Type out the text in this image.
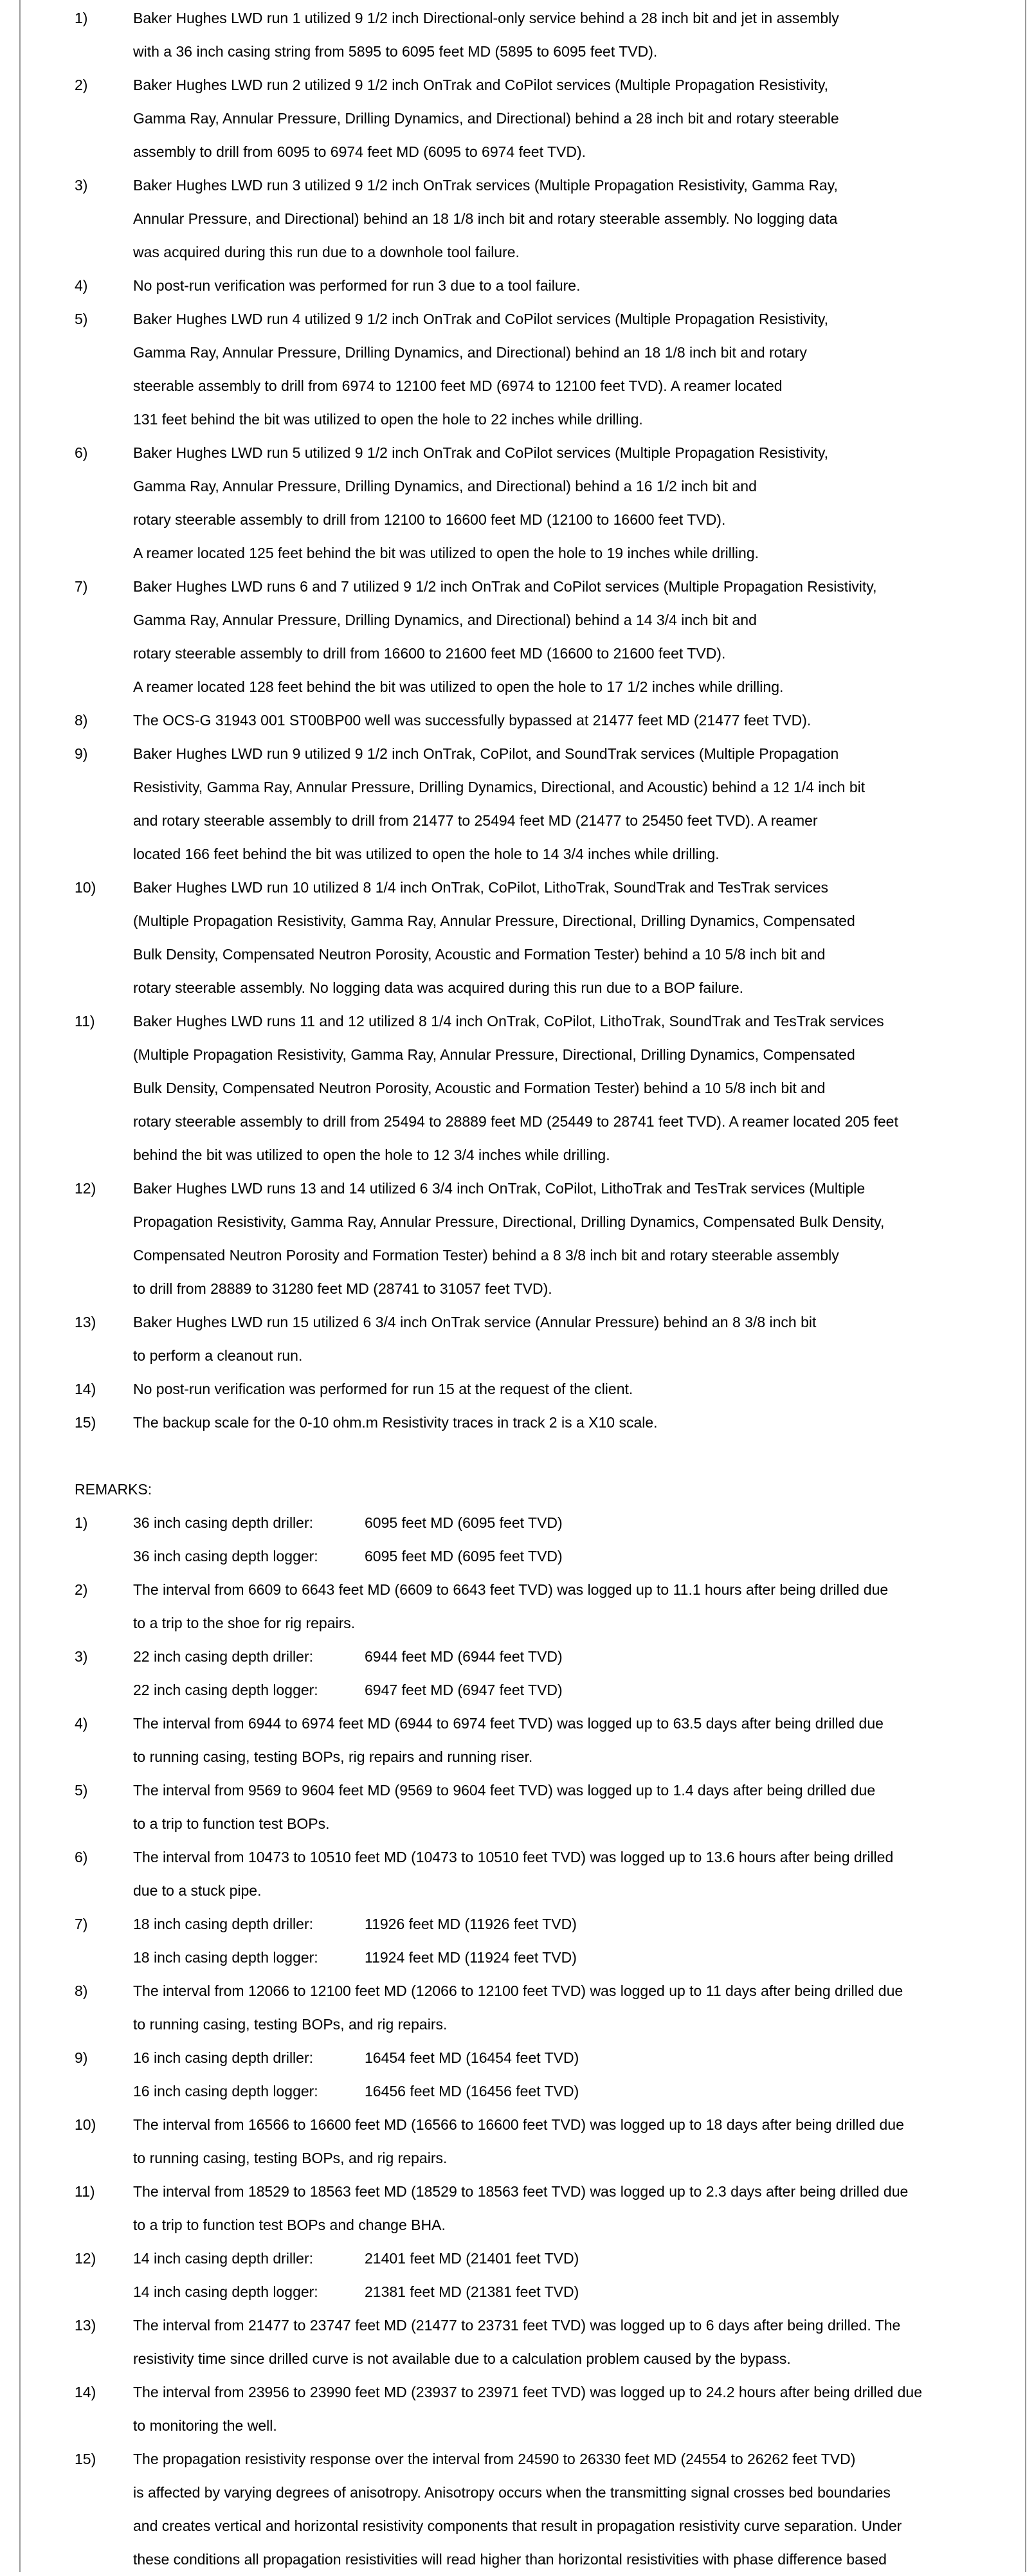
1)	Baker Hughes LWD run 1 utilized 9 1/2 inch Directional-only service behind a 28 inch bit and jet in assembly
with a 36 inch casing string from 5895 to 6095 feet MD (5895 to 6095 feet TVD).
2)	Baker Hughes LWD run 2 utilized 9 1/2 inch OnTrak and CoPilot services (Multiple Propagation Resistivity,
Gamma Ray, Annular Pressure, Drilling Dynamics, and Directional) behind a 28 inch bit and rotary steerable
assembly to drill from 6095 to 6974 feet MD (6095 to 6974 feet TVD).
3)	Baker Hughes LWD run 3 utilized 9 1/2 inch OnTrak services (Multiple Propagation Resistivity, Gamma Ray,
Annular Pressure, and Directional) behind an 18 1/8 inch bit and rotary steerable assembly. No logging data
was acquired during this run due to a downhole tool failure.
4)	No post-run verification was performed for run 3 due to a tool failure.
5)	Baker Hughes LWD run 4 utilized 9 1/2 inch OnTrak and CoPilot services (Multiple Propagation Resistivity,
Gamma Ray, Annular Pressure, Drilling Dynamics, and Directional) behind an 18 1/8 inch bit and rotary
steerable assembly to drill from 6974 to 12100 feet MD (6974 to 12100 feet TVD). A reamer located
131 feet behind the bit was utilized to open the hole to 22 inches while drilling.
6)	Baker Hughes LWD run 5 utilized 9 1/2 inch OnTrak and CoPilot services (Multiple Propagation Resistivity,
Gamma Ray, Annular Pressure, Drilling Dynamics, and Directional) behind a 16 1/2 inch bit and
rotary steerable assembly to drill from 12100 to 16600 feet MD (12100 to 16600 feet TVD).
A reamer located 125 feet behind the bit was utilized to open the hole to 19 inches while drilling.
7)	Baker Hughes LWD runs 6 and 7 utilized 9 1/2 inch OnTrak and CoPilot services (Multiple Propagation Resistivity,
Gamma Ray, Annular Pressure, Drilling Dynamics, and Directional) behind a 14 3/4 inch bit and
rotary steerable assembly to drill from 16600 to 21600 feet MD (16600 to 21600 feet TVD).
A reamer located 128 feet behind the bit was utilized to open the hole to 17 1/2 inches while drilling.
8)	The OCS-G 31943 001 ST00BP00 well was successfully bypassed at 21477 feet MD (21477 feet TVD).
9)	Baker Hughes LWD run 9 utilized 9 1/2 inch OnTrak, CoPilot, and SoundTrak services (Multiple Propagation
Resistivity, Gamma Ray, Annular Pressure, Drilling Dynamics, Directional, and Acoustic) behind a 12 1/4 inch bit
and rotary steerable assembly to drill from 21477 to 25494 feet MD (21477 to 25450 feet TVD). A reamer
located 166 feet behind the bit was utilized to open the hole to 14 3/4 inches while drilling.
10)	Baker Hughes LWD run 10 utilized 8 1/4 inch OnTrak, CoPilot, LithoTrak, SoundTrak and TesTrak services
(Multiple Propagation Resistivity, Gamma Ray, Annular Pressure, Directional, Drilling Dynamics, Compensated
Bulk Density, Compensated Neutron Porosity, Acoustic and Formation Tester) behind a 10 5/8 inch bit and
rotary steerable assembly. No logging data was acquired during this run due to a BOP failure.
11)	Baker Hughes LWD runs 11 and 12 utilized 8 1/4 inch OnTrak, CoPilot, LithoTrak, SoundTrak and TesTrak services
(Multiple Propagation Resistivity, Gamma Ray, Annular Pressure, Directional, Drilling Dynamics, Compensated
Bulk Density, Compensated Neutron Porosity, Acoustic and Formation Tester) behind a 10 5/8 inch bit and
rotary steerable assembly to drill from 25494 to 28889 feet MD (25449 to 28741 feet TVD). A reamer located 205 feet
behind the bit was utilized to open the hole to 12 3/4 inches while drilling.
12)	Baker Hughes LWD runs 13 and 14 utilized 6 3/4 inch OnTrak, CoPilot, LithoTrak and TesTrak services (Multiple
Propagation Resistivity, Gamma Ray, Annular Pressure, Directional, Drilling Dynamics, Compensated Bulk Density,
Compensated Neutron Porosity and Formation Tester) behind a 8 3/8 inch bit and rotary steerable assembly
to drill from 28889 to 31280 feet MD (28741 to 31057 feet TVD).
13)	Baker Hughes LWD run 15 utilized 6 3/4 inch OnTrak service (Annular Pressure) behind an 8 3/8 inch bit
to perform a cleanout run.
14)	No post-run verification was performed for run 15 at the request of the client.
15)	The backup scale for the 0-10 ohm.m Resistivity traces in track 2 is a X10 scale.
REMARKS:
1)	36 inch casing depth driller:	6095 feet MD (6095 feet TVD)
36 inch casing depth logger:	6095 feet MD (6095 feet TVD)
2)	The interval from 6609 to 6643 feet MD (6609 to 6643 feet TVD) was logged up to 11.1 hours after being drilled due
to a trip to the shoe for rig repairs.
3)	22 inch casing depth driller:	6944 feet MD (6944 feet TVD)
22 inch casing depth logger:	6947 feet MD (6947 feet TVD)
4)	The interval from 6944 to 6974 feet MD (6944 to 6974 feet TVD) was logged up to 63.5 days after being drilled due
to running casing, testing BOPs, rig repairs and running riser.
5)	The interval from 9569 to 9604 feet MD (9569 to 9604 feet TVD) was logged up to 1.4 days after being drilled due
to a trip to function test BOPs.
6)	The interval from 10473 to 10510 feet MD (10473 to 10510 feet TVD) was logged up to 13.6 hours after being drilled
due to a stuck pipe.
7)	18 inch casing depth driller:	11926 feet MD (11926 feet TVD)
18 inch casing depth logger:	11924 feet MD (11924 feet TVD)
8)	The interval from 12066 to 12100 feet MD (12066 to 12100 feet TVD) was logged up to 11 days after being drilled due
to running casing, testing BOPs, and rig repairs.
9)	16 inch casing depth driller:	16454 feet MD (16454 feet TVD)
16 inch casing depth logger:	16456 feet MD (16456 feet TVD)
10)	The interval from 16566 to 16600 feet MD (16566 to 16600 feet TVD) was logged up to 18 days after being drilled due
to running casing, testing BOPs, and rig repairs.
11)	The interval from 18529 to 18563 feet MD (18529 to 18563 feet TVD) was logged up to 2.3 days after being drilled due
to a trip to function test BOPs and change BHA.
12)	14 inch casing depth driller:	21401 feet MD (21401 feet TVD)
14 inch casing depth logger:	21381 feet MD (21381 feet TVD)
13)	The interval from 21477 to 23747 feet MD (21477 to 23731 feet TVD) was logged up to 6 days after being drilled. The
resistivity time since drilled curve is not available due to a calculation problem caused by the bypass.
14)	The interval from 23956 to 23990 feet MD (23937 to 23971 feet TVD) was logged up to 24.2 hours after being drilled due
to monitoring the well.
15)	The propagation resistivity response over the interval from 24590 to 26330 feet MD (24554 to 26262 feet TVD)
is affected by varying degrees of anisotropy. Anisotropy occurs when the transmitting signal crosses bed boundaries
and creates vertical and horizontal resistivity components that result in propagation resistivity curve separation. Under
these conditions all propagation resistivities will read higher than horizontal resistivities with phase difference based
